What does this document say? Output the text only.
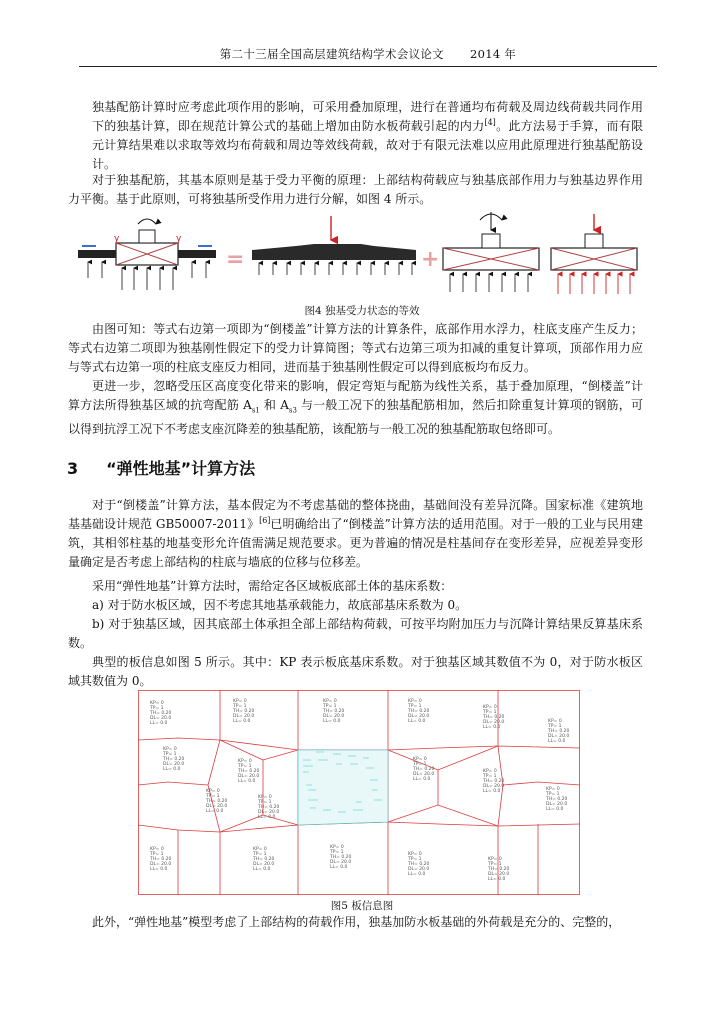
第二十三届全国高层建筑结构学术会议论文 2014 年

独基配筋计算时应考虑此项作用的影响，可采用叠加原理，进行在普通均布荷载及周边线荷载共同作用下的独基计算，即在规范计算公式的基础上增加由防水板荷载引起的内力[4]。此方法易于手算，而有限元计算结果难以求取等效均布荷载和周边等效线荷载，故对于有限元法难以应用此原理进行独基配筋设计。

对于独基配筋，其基本原则是基于受力平衡的原理：上部结构荷载应与独基底部作用力与独基边界作用力平衡。基于此原则，可将独基所受作用力进行分解，如图 4 所示。

γ	γ
=	+
图4 独基受力状态的等效

由图可知：等式右边第一项即为“倒楼盖”计算方法的计算条件，底部作用水浮力，柱底支座产生反力；等式右边第二项即为独基刚性假定下的受力计算简图；等式右边第三项为扣减的重复计算项，顶部作用力应与等式右边第一项的柱底支座反力相同，进而基于独基刚性假定可以得到底板均布反力。

更进一步，忽略受压区高度变化带来的影响，假定弯矩与配筋为线性关系，基于叠加原理，“倒楼盖”计算方法所得独基区域的抗弯配筋 $A_{s1}$ 和 $A_{s3}$ 与一般工况下的独基配筋相加，然后扣除重复计算项的钢筋，可以得到抗浮工况下不考虑支座沉降差的独基配筋，该配筋与一般工况的独基配筋取包络即可。

3 “弹性地基”计算方法

对于“倒楼盖”计算方法，基本假定为不考虑基础的整体挠曲，基础间没有差异沉降。国家标准《建筑地基基础设计规范 GB50007-2011》[6]已明确给出了“倒楼盖”计算方法的适用范围。对于一般的工业与民用建筑，其相邻柱基的地基变形允许值需满足规范要求。更为普遍的情况是柱基间存在变形差异，应视差异变形量确定是否考虑上部结构的柱底与墙底的位移与位移差。

采用“弹性地基”计算方法时，需给定各区域板底部土体的基床系数：

a) 对于防水板区域，因不考虑其地基承载能力，故底部基床系数为 0。

b) 对于独基区域，因其底部土体承担全部上部结构荷载，可按平均附加压力与沉降计算结果反算基床系数。

典型的板信息如图 5 所示。其中：KP 表示板底基床系数。对于独基区域其数值不为 0，对于防水板区域其数值为 0。

KP= 0 TP= 1 TH= 0.20 DL= 20.0 LL= 0.0
KP= 0 TP= 1 TH= 0.20 DL= 20.0 LL= 0.0
KP= 0 TP= 1 TH= 0.20 DL= 20.0 LL= 0.0
KP= 0 TP= 1 TH= 0.20 DL= 20.0 LL= 0.0
KP= 0 TP= 1 TH= 0.20 DL= 20.0 LL= 0.0
KP= 0 TP= 1 TH= 0.20 DL= 20.0 LL= 0.0
KP= 0 TP= 1 TH= 0.20 DL= 20.0 LL= 0.0
KP= 0 TP= 1 TH= 0.20 DL= 20.0 LL= 0.0
KP= 0 TP= 1 TH= 0.20 DL= 20.0 LL= 0.0
KP= 0 TP= 1 TH= 0.20 DL= 20.0 LL= 0.0
KP= 0 TP= 1 TH= 0.20 DL= 20.0 LL= 0.0
KP= 0 TP= 1 TH= 0.20 DL= 20.0 LL= 0.0	KP= 0 TP= 1 TH= 0.20 DL= 20.0 LL= 0.0
KP= 0 TP= 1 TH= 0.20 DL= 20.0 LL= 0.0
KP= 0 TP= 1 TH= 0.20 DL= 20.0 LL= 0.0
KP= 0 TP= 1 TH= 0.20 DL= 20.0 LL= 0.0
KP= 0 TP= 1 TH= 0.20 DL= 20.0 LL= 0.0
KP= 0 TP= 1 TH= 0.20 DL= 20.0 LL= 0.0
图5 板信息图

此外，“弹性地基”模型考虑了上部结构的荷载作用，独基加防水板基础的外荷载是充分的、完整的，
